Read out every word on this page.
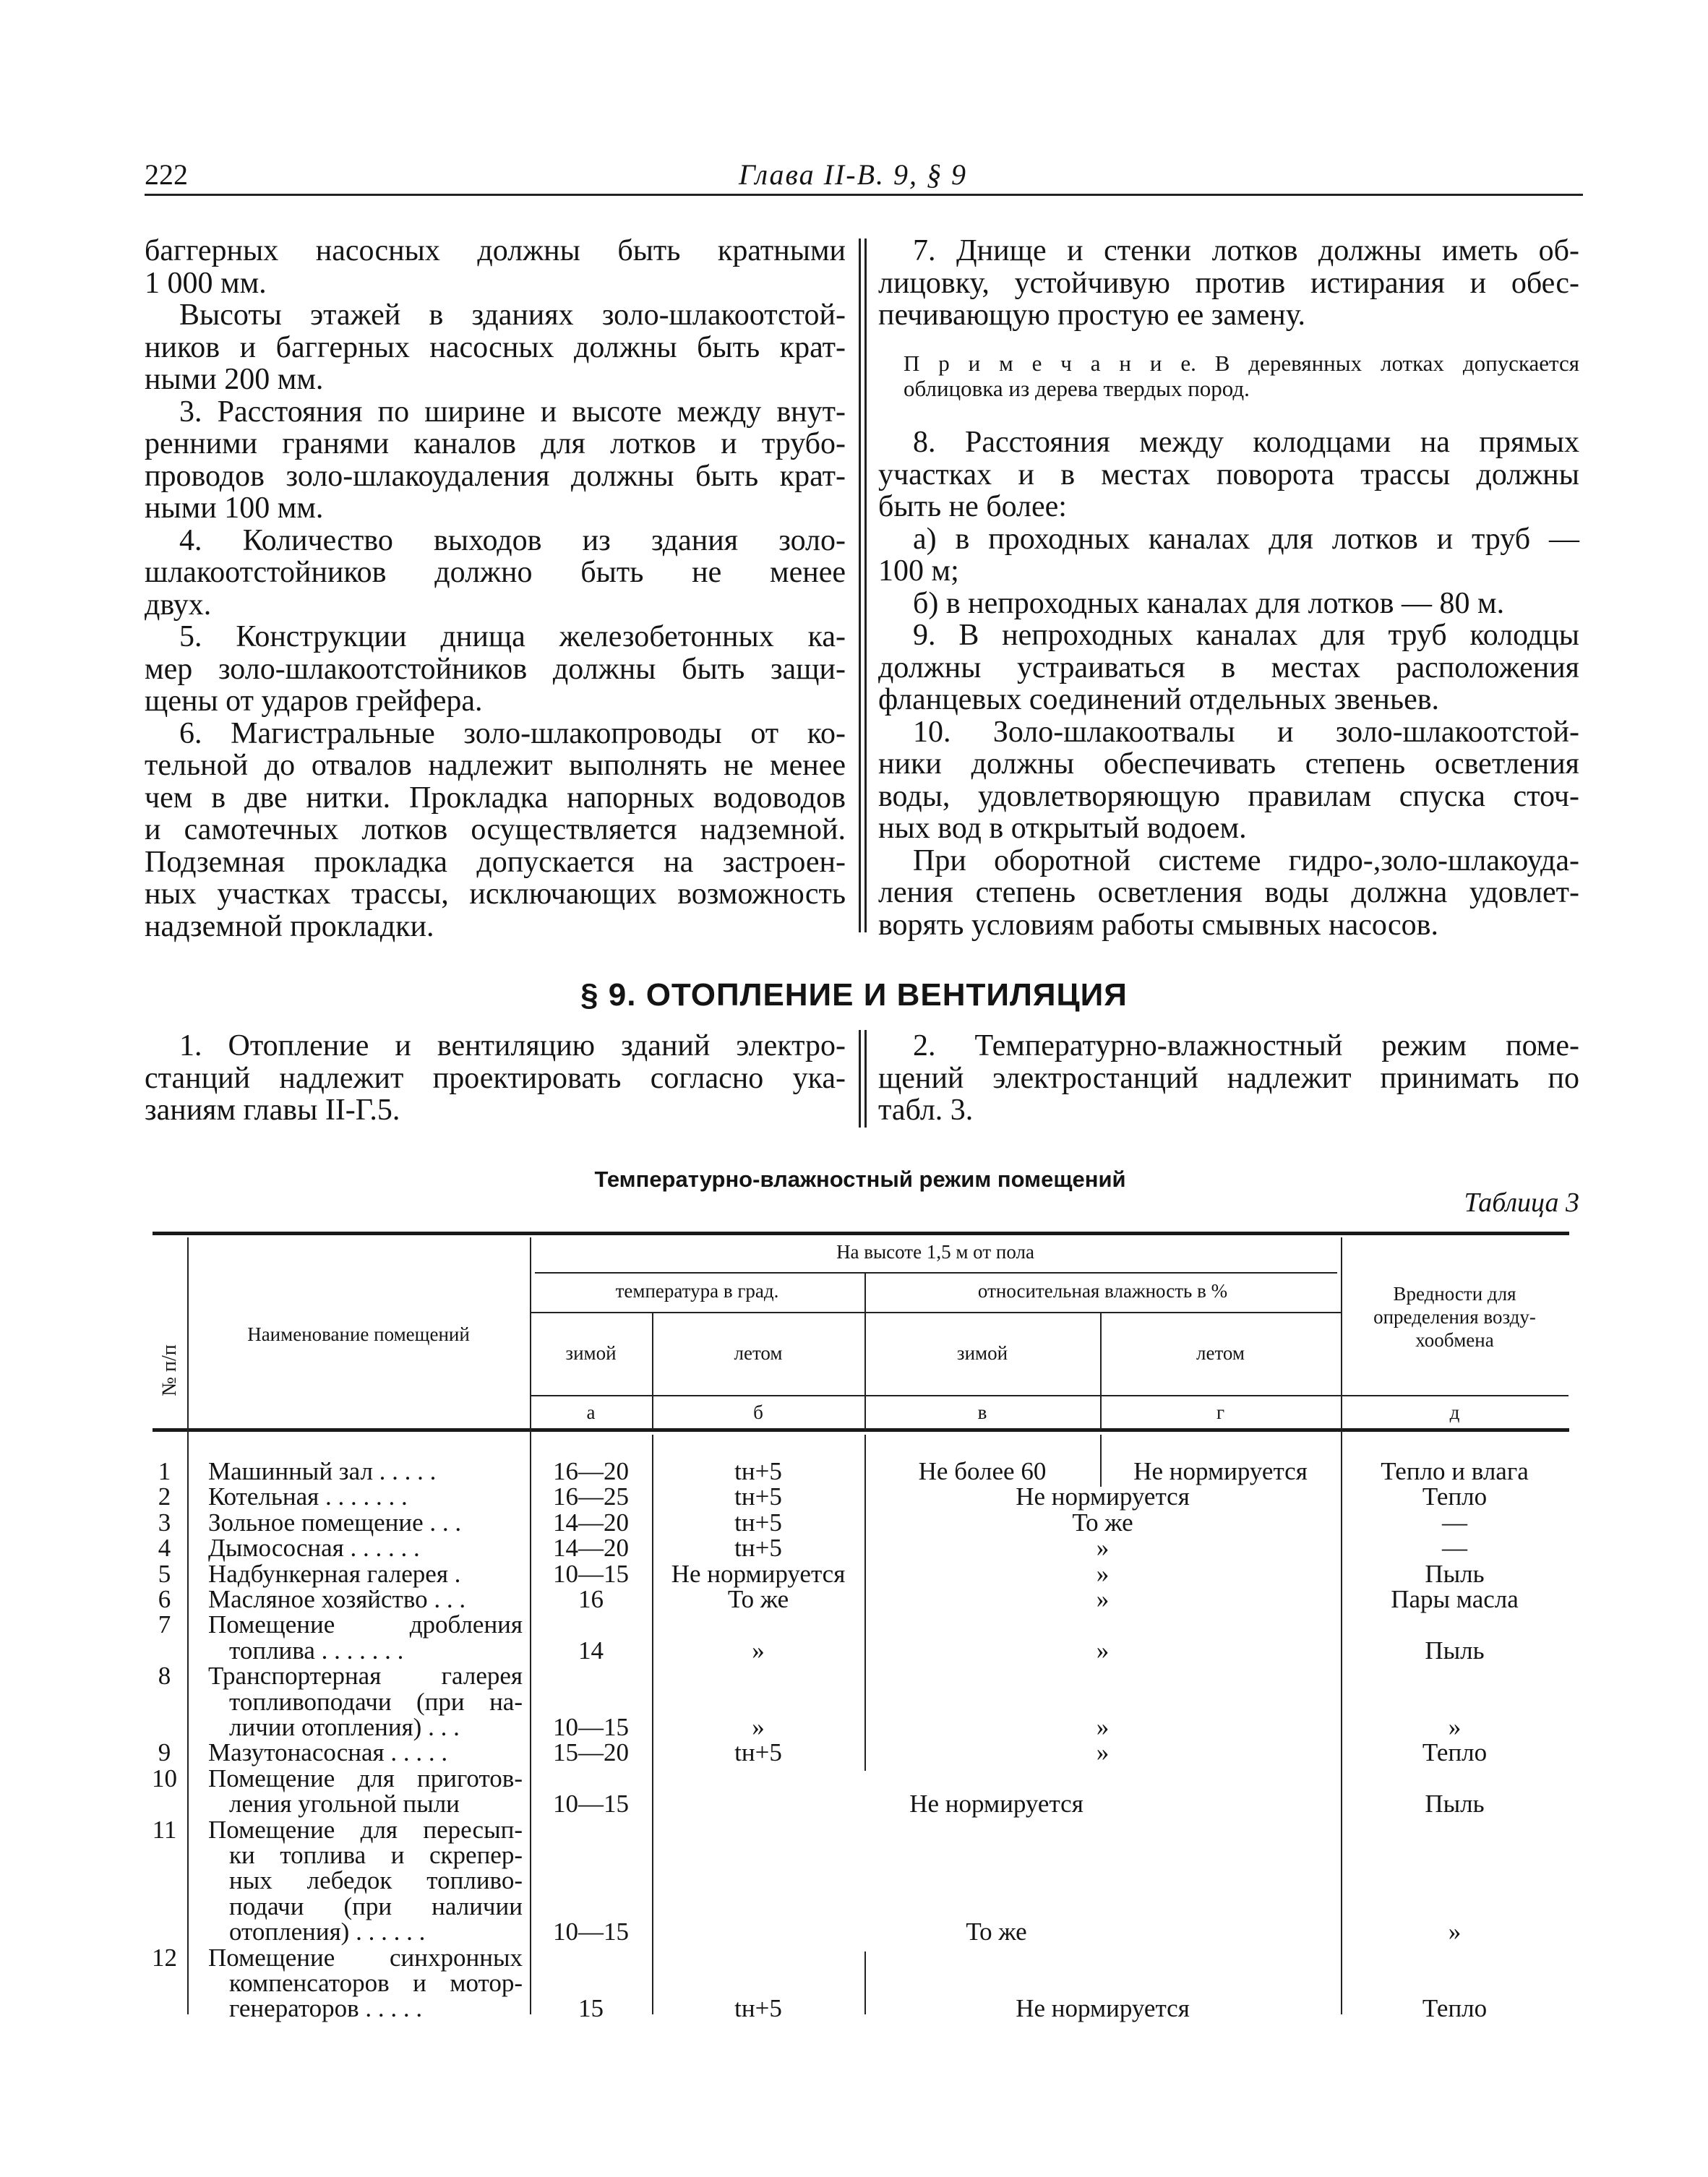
222	Глава II-В. 9, § 9
баггерных насосных должны быть кратными
1 000 мм.
Высоты этажей в зданиях золо-шлакоотстой-
ников и баггерных насосных должны быть крат-
ными 200 мм.
3. Расстояния по ширине и высоте между внут-
ренними гранями каналов для лотков и трубо-
проводов золо-шлакоудаления должны быть крат-
ными 100 мм.
4. Количество выходов из здания золо-
шлакоотстойников должно быть не менее
двух.
5. Конструкции днища железобетонных ка-
мер золо-шлакоотстойников должны быть защи-
щены от ударов грейфера.
6. Магистральные золо-шлакопроводы от ко-
тельной до отвалов надлежит выполнять не менее
чем в две нитки. Прокладка напорных водоводов
и самотечных лотков осуществляется надземной.
Подземная прокладка допускается на застроен-
ных участках трассы, исключающих возможность
надземной прокладки.
7. Днище и стенки лотков должны иметь об-
лицовку, устойчивую против истирания и обес-
печивающую простую ее замену.
П р и м е ч а н и е. В деревянных лотках допускается
облицовка из дерева твердых пород.
8. Расстояния между колодцами на прямых
участках и в местах поворота трассы должны
быть не более:
а) в проходных каналах для лотков и труб —
100 м;
б) в непроходных каналах для лотков — 80 м.
9. В непроходных каналах для труб колодцы
должны устраиваться в местах расположения
фланцевых соединений отдельных звеньев.
10. Золо-шлакоотвалы и золо-шлакоотстой-
ники должны обеспечивать степень осветления
воды, удовлетворяющую правилам спуска сточ-
ных вод в открытый водоем.
При оборотной системе гидро-,золо-шлакоуда-
ления степень осветления воды должна удовлет-
ворять условиям работы смывных насосов.
§ 9. ОТОПЛЕНИЕ И ВЕНТИЛЯЦИЯ
1. Отопление и вентиляцию зданий электро-
станций надлежит проектировать согласно ука-
заниям главы II-Г.5.
2. Температурно-влажностный режим поме-
щений электростанций надлежит принимать по
табл. 3.
Температурно-влажностный режим помещений
Таблица 3
№ п/п
Наименование помещений
На высоте 1,5 м от пола
температура в град.	относительная влажность в %
зимой	летом	зимой	летом
Вредности для
определения возду-
хообмена
а	б	в	г	д
1	Машинный зал . . . . .	16—20	tн+5	Не более 60	Не нормируется	Тепло и влага
2	Котельная . . . . . . .	16—25	tн+5	Не нормируется	Тепло
3	Зольное помещение . . .	14—20	tн+5	То же	—
4	Дымососная . . . . . .	14—20	tн+5	»	—
5	Надбункерная галерея .	10—15	Не нормируется	»	Пыль
6	Масляное хозяйство . . .	16	То же	»	Пары масла
7	Помещение дробления
топлива . . . . . . .	14	»	»	Пыль
8	Транспортерная галерея
топливоподачи (при на-
личии отопления) . . .	10—15	»	»	»
9	Мазутонасосная . . . . .	15—20	tн+5	»	Тепло
10 Помещение для приготов-
ления угольной пыли	10—15	Не нормируется	Пыль
11 Помещение для пересып-
ки топлива и скрепер-
ных лебедок топливо-
подачи (при наличии
отопления) . . . . . .	10—15	То же	»
12 Помещение синхронных
компенсаторов и мотор-
генераторов . . . . .	15	tн+5	Не нормируется	Тепло
